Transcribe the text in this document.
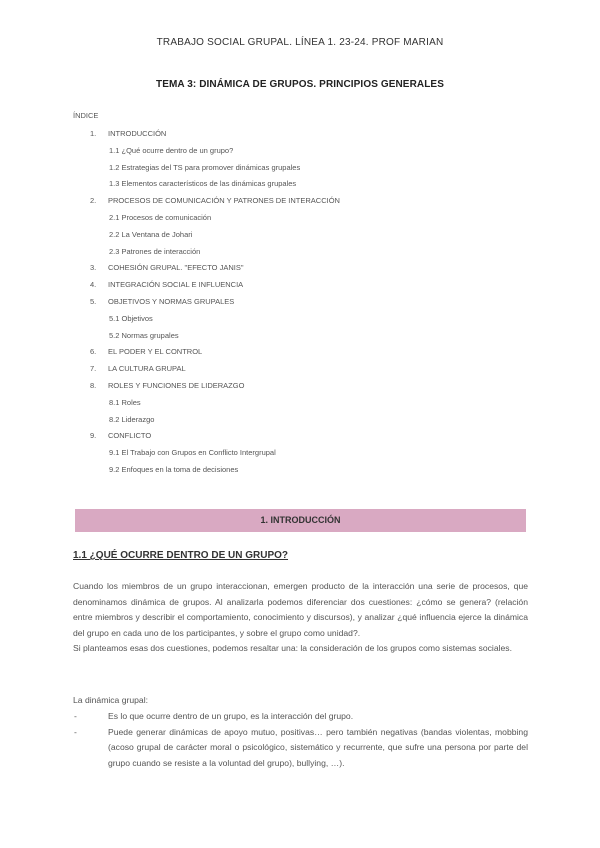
TRABAJO SOCIAL GRUPAL. LÍNEA 1. 23-24. PROF MARIAN
TEMA 3: DINÁMICA DE GRUPOS. PRINCIPIOS GENERALES
ÍNDICE
1. INTRODUCCIÓN
1.1 ¿Qué ocurre dentro de un grupo?
1.2 Estrategias del TS para promover dinámicas grupales
1.3 Elementos característicos de las dinámicas grupales
2. PROCESOS DE COMUNICACIÓN Y PATRONES DE INTERACCIÓN
2.1 Procesos de comunicación
2.2 La Ventana de Johari
2.3 Patrones de interacción
3. COHESIÓN GRUPAL. "EFECTO JANIS"
4. INTEGRACIÓN SOCIAL E INFLUENCIA
5. OBJETIVOS Y NORMAS GRUPALES
5.1 Objetivos
5.2 Normas grupales
6. EL PODER Y EL CONTROL
7. LA CULTURA GRUPAL
8. ROLES Y FUNCIONES DE LIDERAZGO
8.1 Roles
8.2 Liderazgo
9. CONFLICTO
9.1 El Trabajo con Grupos en Conflicto Intergrupal
9.2 Enfoques en la toma de decisiones
1. INTRODUCCIÓN
1.1 ¿QUÉ OCURRE DENTRO DE UN GRUPO?
Cuando los miembros de un grupo interaccionan, emergen producto de la interacción una serie de procesos, que denominamos dinámica de grupos. Al analizarla podemos diferenciar dos cuestiones: ¿cómo se genera? (relación entre miembros y describir el comportamiento, conocimiento y discursos), y analizar ¿qué influencia ejerce la dinámica del grupo en cada uno de los participantes, y sobre el grupo como unidad?.
Si planteamos esas dos cuestiones, podemos resaltar una: la consideración de los grupos como sistemas sociales.
La dinámica grupal:
-	Es lo que ocurre dentro de un grupo, es la interacción del grupo.
-	Puede generar dinámicas de apoyo mutuo, positivas… pero también negativas (bandas violentas, mobbing (acoso grupal de carácter moral o psicológico, sistemático y recurrente, que sufre una persona por parte del grupo cuando se resiste a la voluntad del grupo), bullying, …).
